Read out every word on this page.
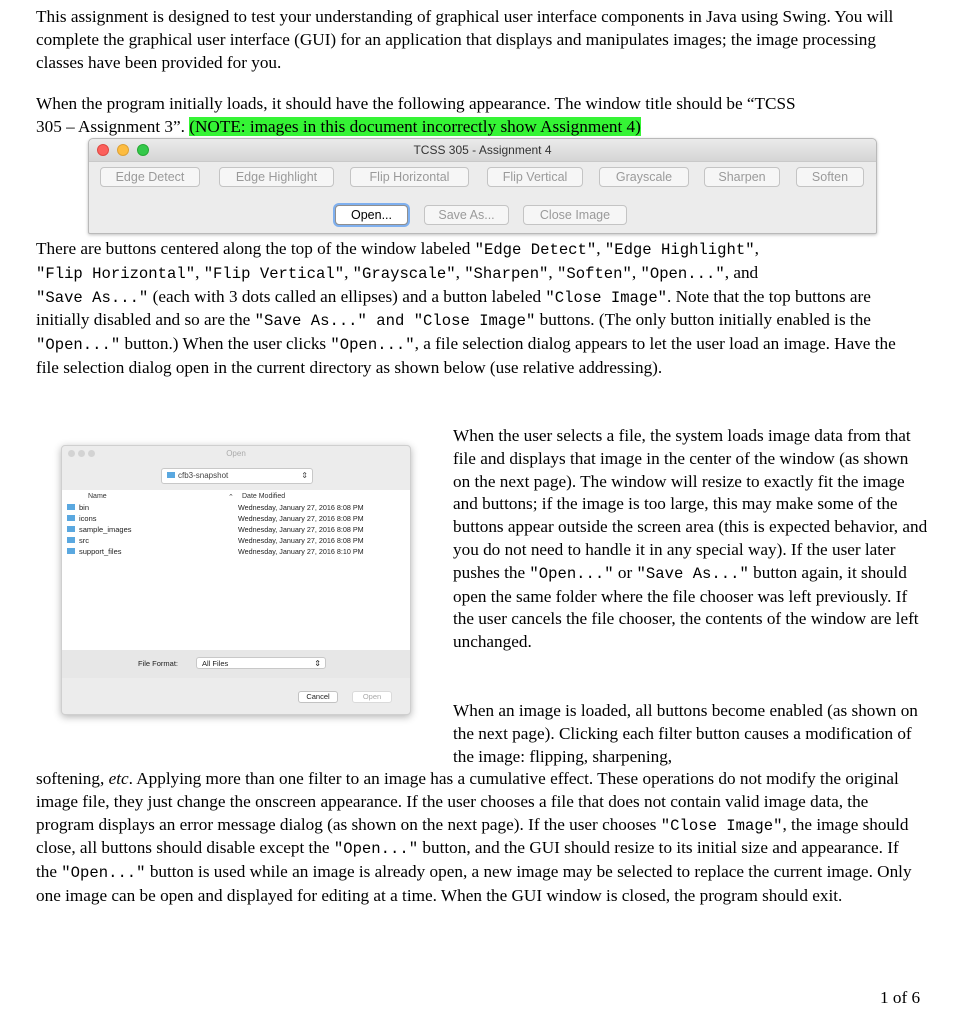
This assignment is designed to test your understanding of graphical user interface components in Java using Swing. You will complete the graphical user interface (GUI) for an application that displays and manipulates images; the image processing classes have been provided for you.

When the program initially loads, it should have the following appearance. The window title should be “TCSS
305 – Assignment 3”. (NOTE: images in this document incorrectly show Assignment 4)

TCSS 305 - Assignment 4
Edge Detect	Edge Highlight	Flip Horizontal	Flip Vertical	Grayscale	Sharpen	Soften
Open...	Save As...	Close Image

There are buttons centered along the top of the window labeled "Edge Detect", "Edge Highlight",
"Flip Horizontal", "Flip Vertical", "Grayscale", "Sharpen", "Soften", "Open...", and
"Save As..." (each with 3 dots called an ellipses) and a button labeled "Close Image". Note that the top buttons are initially disabled and so are the "Save As..." and "Close Image" buttons. (The only button initially enabled is the "Open..." button.) When the user clicks "Open...", a file selection dialog appears to let the user load an image. Have the file selection dialog open in the current directory as shown below (use relative addressing).

Open
cfb3-snapshot	⇕
Name	⌃ Date Modified
bin	Wednesday, January 27, 2016 8:08 PM
icons	Wednesday, January 27, 2016 8:08 PM
sample_images	Wednesday, January 27, 2016 8:08 PM
src	Wednesday, January 27, 2016 8:08 PM
support_files	Wednesday, January 27, 2016 8:10 PM
File Format:	All Files	⇕
Cancel	Open

When the user selects a file, the system loads image data from that file and displays that image in the center of the window (as shown on the next page). The window will resize to exactly fit the image and buttons; if the image is too large, this may make some of the buttons appear outside the screen area (this is expected behavior, and you do not need to handle it in any special way). If the user later pushes the "Open..." or "Save As..." button again, it should open the same folder where the file chooser was left previously. If the user cancels the file chooser, the contents of the window are left unchanged.

When an image is loaded, all buttons become enabled (as shown on the next page). Clicking each filter button causes a modification of the image: flipping, sharpening,

softening, etc. Applying more than one filter to an image has a cumulative effect. These operations do not modify the original image file, they just change the onscreen appearance. If the user chooses a file that does not contain valid image data, the program displays an error message dialog (as shown on the next page). If the user chooses "Close Image", the image should close, all buttons should disable except the "Open..." button, and the GUI should resize to its initial size and appearance. If the "Open..." button is used while an image is already open, a new image may be selected to replace the current image. Only one image can be open and displayed for editing at a time. When the GUI window is closed, the program should exit.

1 of 6
